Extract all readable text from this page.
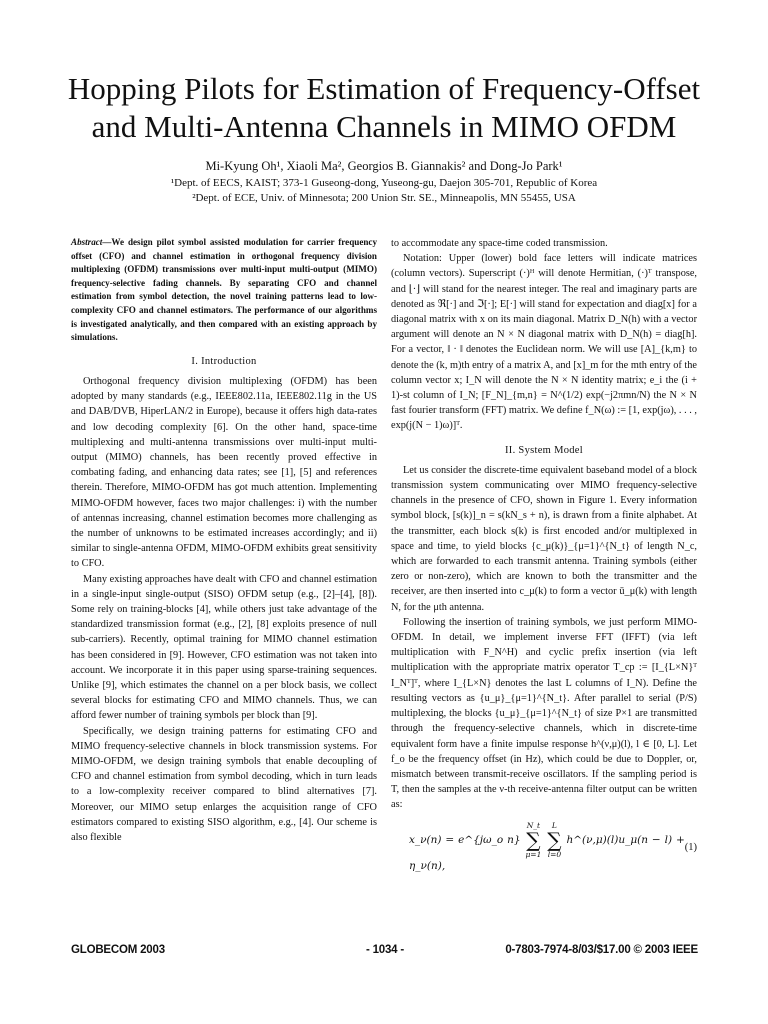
Hopping Pilots for Estimation of Frequency-Offset
and Multi-Antenna Channels in MIMO OFDM
Mi-Kyung Oh¹, Xiaoli Ma², Georgios B. Giannakis² and Dong-Jo Park¹
¹Dept. of EECS, KAIST; 373-1 Guseong-dong, Yuseong-gu, Daejon 305-701, Republic of Korea
²Dept. of ECE, Univ. of Minnesota; 200 Union Str. SE., Minneapolis, MN 55455, USA
Abstract—We design pilot symbol assisted modulation for carrier frequency offset (CFO) and channel estimation in orthogonal frequency division multiplexing (OFDM) transmissions over multi-input multi-output (MIMO) frequency-selective fading channels. By separating CFO and channel estimation from symbol detection, the novel training patterns lead to low-complexity CFO and channel estimators. The performance of our algorithms is investigated analytically, and then compared with an existing approach by simulations.
I. Introduction

Orthogonal frequency division multiplexing (OFDM) has been adopted by many standards (e.g., IEEE802.11a, IEEE802.11g in the US and DAB/DVB, HiperLAN/2 in Europe), because it offers high data-rates and low decoding complexity [6]. On the other hand, space-time multiplexing and multi-antenna transmissions over multi-input multi-output (MIMO) channels, has been recently proved effective in combating fading, and enhancing data rates; see [1], [5] and references therein. Therefore, MIMO-OFDM has got much attention. Implementing MIMO-OFDM however, faces two major challenges: i) with the number of antennas increasing, channel estimation becomes more challenging as the number of unknowns to be estimated increases accordingly; and ii) similar to single-antenna OFDM, MIMO-OFDM exhibits great sensitivity to CFO.

Many existing approaches have dealt with CFO and channel estimation in a single-input single-output (SISO) OFDM setup (e.g., [2]–[4], [8]). Some rely on training-blocks [4], while others just take advantage of the standardized transmission format (e.g., [2], [8] exploits presence of null sub-carriers). Recently, optimal training for MIMO channel estimation has been considered in [9]. However, CFO estimation was not taken into account. We incorporate it in this paper using sparse-training sequences. Unlike [9], which estimates the channel on a per block basis, we collect several blocks for estimating CFO and MIMO channels. Thus, we can afford fewer number of training symbols per block than [9].

Specifically, we design training patterns for estimating CFO and MIMO frequency-selective channels in block transmission systems. For MIMO-OFDM, we design training symbols that enable decoupling of CFO and channel estimation from symbol decoding, which in turn leads to a low-complexity receiver compared to blind alternatives [7]. Moreover, our MIMO setup enlarges the acquisition range of CFO estimators compared to existing SISO algorithm, e.g., [4]. Our scheme is also flexible

to accommodate any space-time coded transmission.

Notation: Upper (lower) bold face letters will indicate matrices (column vectors). Superscript (·)ᴴ will denote Hermitian, (·)ᵀ transpose, and ⌊·⌋ will stand for the nearest integer. The real and imaginary parts are denoted as ℜ[·] and ℑ[·]; E[·] will stand for expectation and diag[x] for a diagonal matrix with x on its main diagonal. Matrix D_N(h) with a vector argument will denote an N × N diagonal matrix with D_N(h) = diag[h]. For a vector, ‖ · ‖ denotes the Euclidean norm. We will use [A]_{k,m} to denote the (k, m)th entry of a matrix A, and [x]_m for the mth entry of the column vector x; I_N will denote the N × N identity matrix; e_i the (i + 1)-st column of I_N; [F_N]_{m,n} = N^(1/2) exp(−j2πmn/N) the N × N fast fourier transform (FFT) matrix. We define f_N(ω) := [1, exp(jω), . . . , exp(j(N − 1)ω)]ᵀ.

II. System Model

Let us consider the discrete-time equivalent baseband model of a block transmission system communicating over MIMO frequency-selective channels in the presence of CFO, shown in Figure 1. Every information symbol block, [s(k)]_n = s(kN_s + n), is drawn from a finite alphabet. At the transmitter, each block s(k) is first encoded and/or multiplexed in space and time, to yield blocks {c_μ(k)}_{μ=1}^{N_t} of length N_c, which are forwarded to each transmit antenna. Training symbols (either zero or non-zero), which are known to both the transmitter and the receiver, are then inserted into c_μ(k) to form a vector ū_μ(k) with length N, for the μth antenna.

Following the insertion of training symbols, we just perform MIMO-OFDM. In detail, we implement inverse FFT (IFFT) (via left multiplication with F_N^H) and cyclic prefix insertion (via left multiplication with the appropriate matrix operator T_cp := [I_{L×N}ᵀ I_Nᵀ]ᵀ, where I_{L×N} denotes the last L columns of I_N). Define the resulting vectors as {u_μ}_{μ=1}^{N_t}. After parallel to serial (P/S) multiplexing, the blocks {u_μ}_{μ=1}^{N_t} of size P×1 are transmitted through the frequency-selective channels, which in discrete-time equivalent form have a finite impulse response h^(ν,μ)(l), l ∈ [0, L]. Let f_o be the frequency offset (in Hz), which could be due to Doppler, or, mismatch between transmit-receive oscillators. If the sampling period is T, then the samples at the ν-th receive-antenna filter output can be written as:

x_ν(n) = e^{jω_o n}
N_t
∑
μ=1

L
∑
l=0
h^(ν,μ)(l)u_μ(n − l) + η_ν(n),
(1)
GLOBECOM 2003	- 1034 -	0-7803-7974-8/03/$17.00 © 2003 IEEE
